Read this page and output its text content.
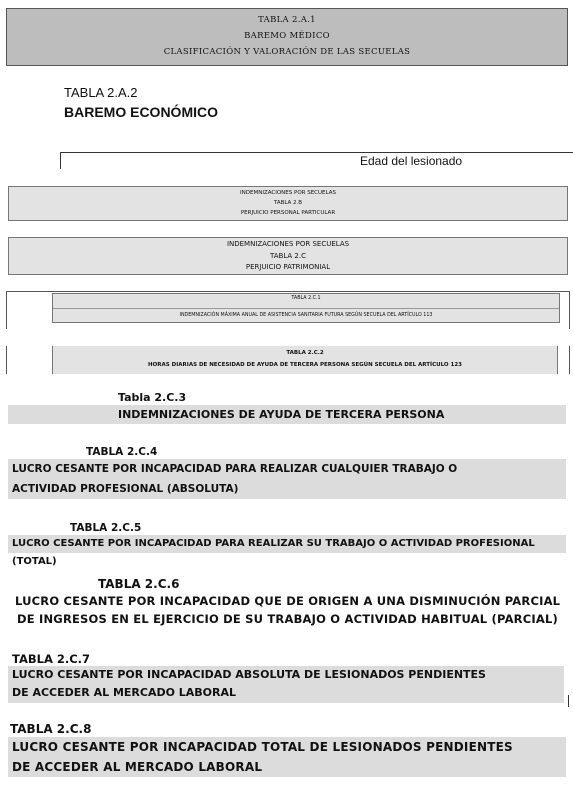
TABLA 2.A.1
BAREMO MÉDICO
CLASIFICACIÓN Y VALORACIÓN DE LAS SECUELAS
TABLA 2.A.2
BAREMO ECONÓMICO
Edad del lesionado
INDEMNIZACIONES POR SECUELAS
TABLA 2.B
PERJUICIO PERSONAL PARTICULAR
INDEMNIZACIONES POR SECUELAS
TABLA 2.C
PERJUICIO PATRIMONIAL
TABLA 2.C.1
INDEMNIZACIÓN MÁXIMA ANUAL DE ASISTENCIA SANITARIA FUTURA SEGÚN SECUELA DEL ARTÍCULO 113
TABLA 2.C.2
HORAS DIARIAS DE NECESIDAD DE AYUDA DE TERCERA PERSONA SEGÚN SECUELA DEL ARTÍCULO 123
Tabla 2.C.3
INDEMNIZACIONES DE AYUDA DE TERCERA PERSONA
TABLA 2.C.4
LUCRO CESANTE POR INCAPACIDAD PARA REALIZAR CUALQUIER TRABAJO O
ACTIVIDAD PROFESIONAL (ABSOLUTA)
TABLA 2.C.5
LUCRO CESANTE POR INCAPACIDAD PARA REALIZAR SU TRABAJO O ACTIVIDAD PROFESIONAL (TOTAL)
TABLA 2.C.6
LUCRO CESANTE POR INCAPACIDAD QUE DE ORIGEN A UNA DISMINUCIÓN PARCIAL
DE INGRESOS EN EL EJERCICIO DE SU TRABAJO O ACTIVIDAD HABITUAL (PARCIAL)
TABLA 2.C.7
LUCRO CESANTE POR INCAPACIDAD ABSOLUTA DE LESIONADOS PENDIENTES
DE ACCEDER AL MERCADO LABORAL
TABLA 2.C.8
LUCRO CESANTE POR INCAPACIDAD TOTAL DE LESIONADOS PENDIENTES
DE ACCEDER AL MERCADO LABORAL
